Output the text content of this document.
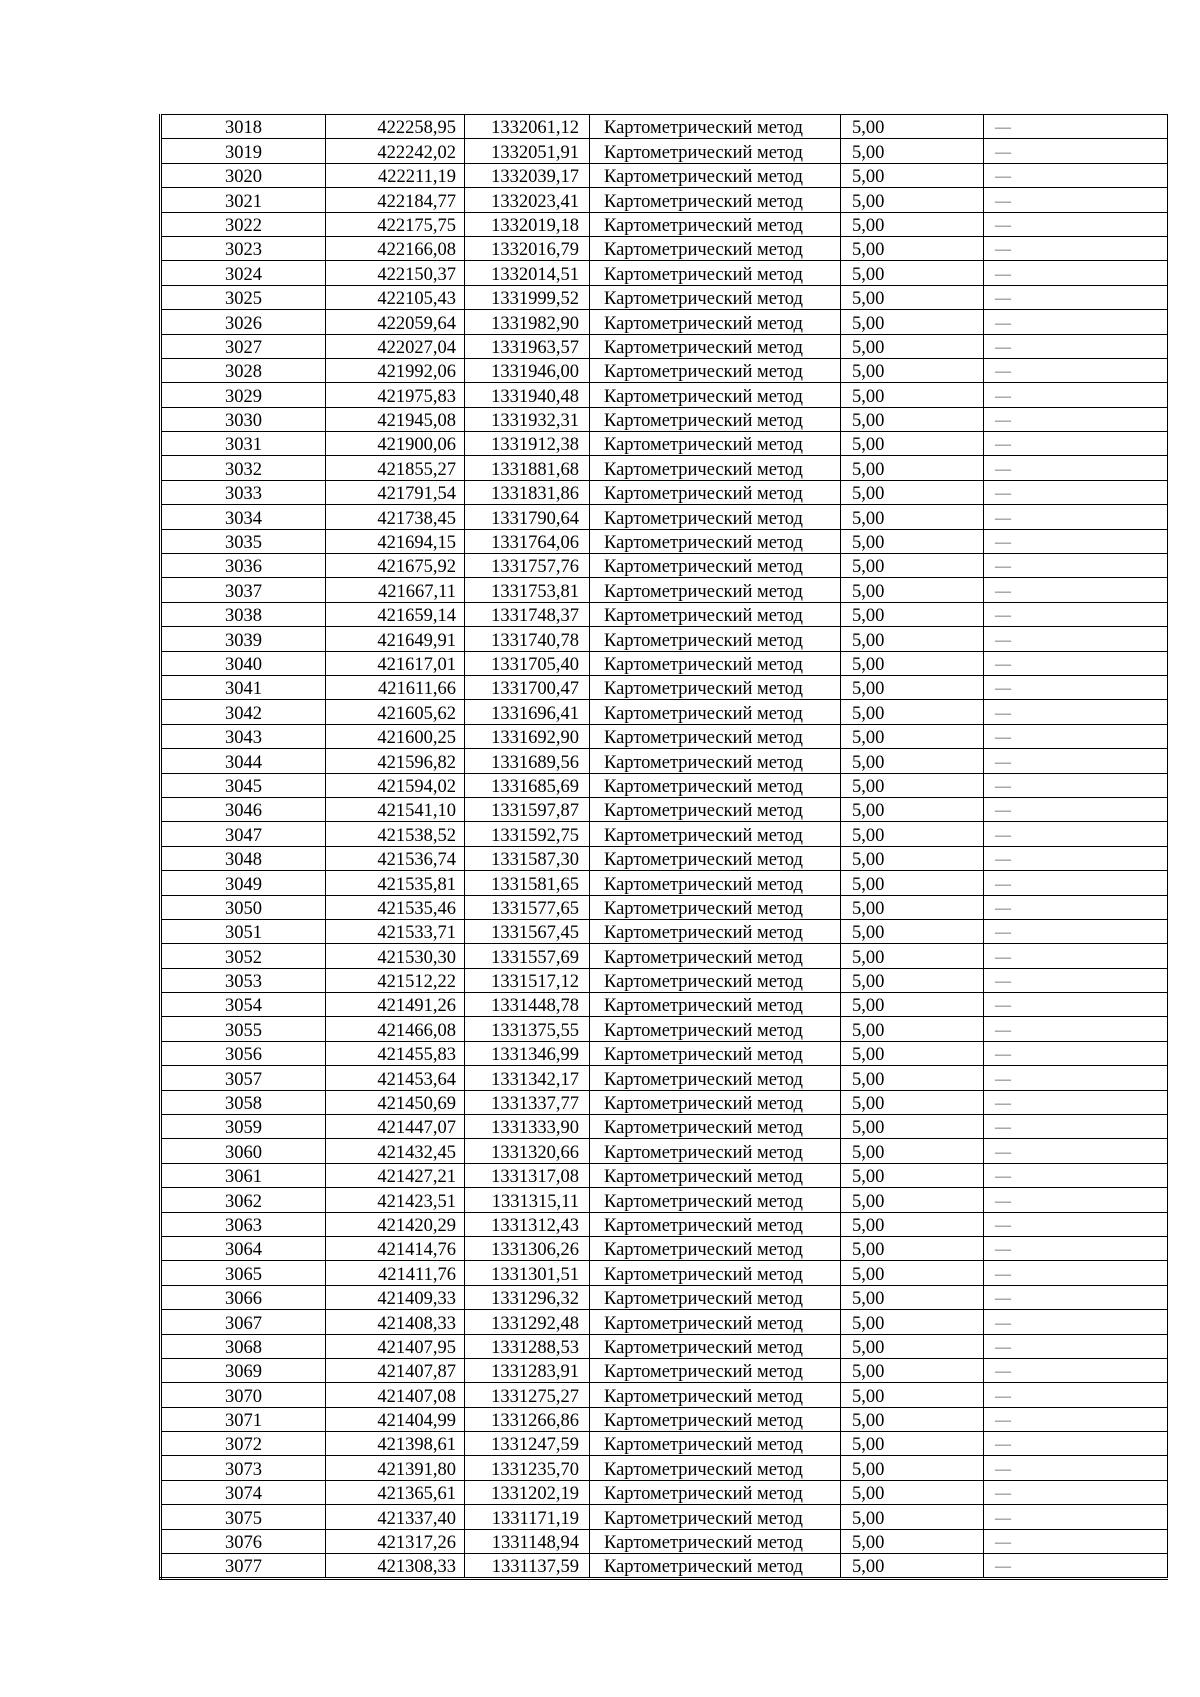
3018	422258,95	1332061,12	Картометрический метод	5,00	—
3019	422242,02	1332051,91	Картометрический метод	5,00	—
3020	422211,19	1332039,17	Картометрический метод	5,00	—
3021	422184,77	1332023,41	Картометрический метод	5,00	—
3022	422175,75	1332019,18	Картометрический метод	5,00	—
3023	422166,08	1332016,79	Картометрический метод	5,00	—
3024	422150,37	1332014,51	Картометрический метод	5,00	—
3025	422105,43	1331999,52	Картометрический метод	5,00	—
3026	422059,64	1331982,90	Картометрический метод	5,00	—
3027	422027,04	1331963,57	Картометрический метод	5,00	—
3028	421992,06	1331946,00	Картометрический метод	5,00	—
3029	421975,83	1331940,48	Картометрический метод	5,00	—
3030	421945,08	1331932,31	Картометрический метод	5,00	—
3031	421900,06	1331912,38	Картометрический метод	5,00	—
3032	421855,27	1331881,68	Картометрический метод	5,00	—
3033	421791,54	1331831,86	Картометрический метод	5,00	—
3034	421738,45	1331790,64	Картометрический метод	5,00	—
3035	421694,15	1331764,06	Картометрический метод	5,00	—
3036	421675,92	1331757,76	Картометрический метод	5,00	—
3037	421667,11	1331753,81	Картометрический метод	5,00	—
3038	421659,14	1331748,37	Картометрический метод	5,00	—
3039	421649,91	1331740,78	Картометрический метод	5,00	—
3040	421617,01	1331705,40	Картометрический метод	5,00	—
3041	421611,66	1331700,47	Картометрический метод	5,00	—
3042	421605,62	1331696,41	Картометрический метод	5,00	—
3043	421600,25	1331692,90	Картометрический метод	5,00	—
3044	421596,82	1331689,56	Картометрический метод	5,00	—
3045	421594,02	1331685,69	Картометрический метод	5,00	—
3046	421541,10	1331597,87	Картометрический метод	5,00	—
3047	421538,52	1331592,75	Картометрический метод	5,00	—
3048	421536,74	1331587,30	Картометрический метод	5,00	—
3049	421535,81	1331581,65	Картометрический метод	5,00	—
3050	421535,46	1331577,65	Картометрический метод	5,00	—
3051	421533,71	1331567,45	Картометрический метод	5,00	—
3052	421530,30	1331557,69	Картометрический метод	5,00	—
3053	421512,22	1331517,12	Картометрический метод	5,00	—
3054	421491,26	1331448,78	Картометрический метод	5,00	—
3055	421466,08	1331375,55	Картометрический метод	5,00	—
3056	421455,83	1331346,99	Картометрический метод	5,00	—
3057	421453,64	1331342,17	Картометрический метод	5,00	—
3058	421450,69	1331337,77	Картометрический метод	5,00	—
3059	421447,07	1331333,90	Картометрический метод	5,00	—
3060	421432,45	1331320,66	Картометрический метод	5,00	—
3061	421427,21	1331317,08	Картометрический метод	5,00	—
3062	421423,51	1331315,11	Картометрический метод	5,00	—
3063	421420,29	1331312,43	Картометрический метод	5,00	—
3064	421414,76	1331306,26	Картометрический метод	5,00	—
3065	421411,76	1331301,51	Картометрический метод	5,00	—
3066	421409,33	1331296,32	Картометрический метод	5,00	—
3067	421408,33	1331292,48	Картометрический метод	5,00	—
3068	421407,95	1331288,53	Картометрический метод	5,00	—
3069	421407,87	1331283,91	Картометрический метод	5,00	—
3070	421407,08	1331275,27	Картометрический метод	5,00	—
3071	421404,99	1331266,86	Картометрический метод	5,00	—
3072	421398,61	1331247,59	Картометрический метод	5,00	—
3073	421391,80	1331235,70	Картометрический метод	5,00	—
3074	421365,61	1331202,19	Картометрический метод	5,00	—
3075	421337,40	1331171,19	Картометрический метод	5,00	—
3076	421317,26	1331148,94	Картометрический метод	5,00	—
3077	421308,33	1331137,59	Картометрический метод	5,00	—
